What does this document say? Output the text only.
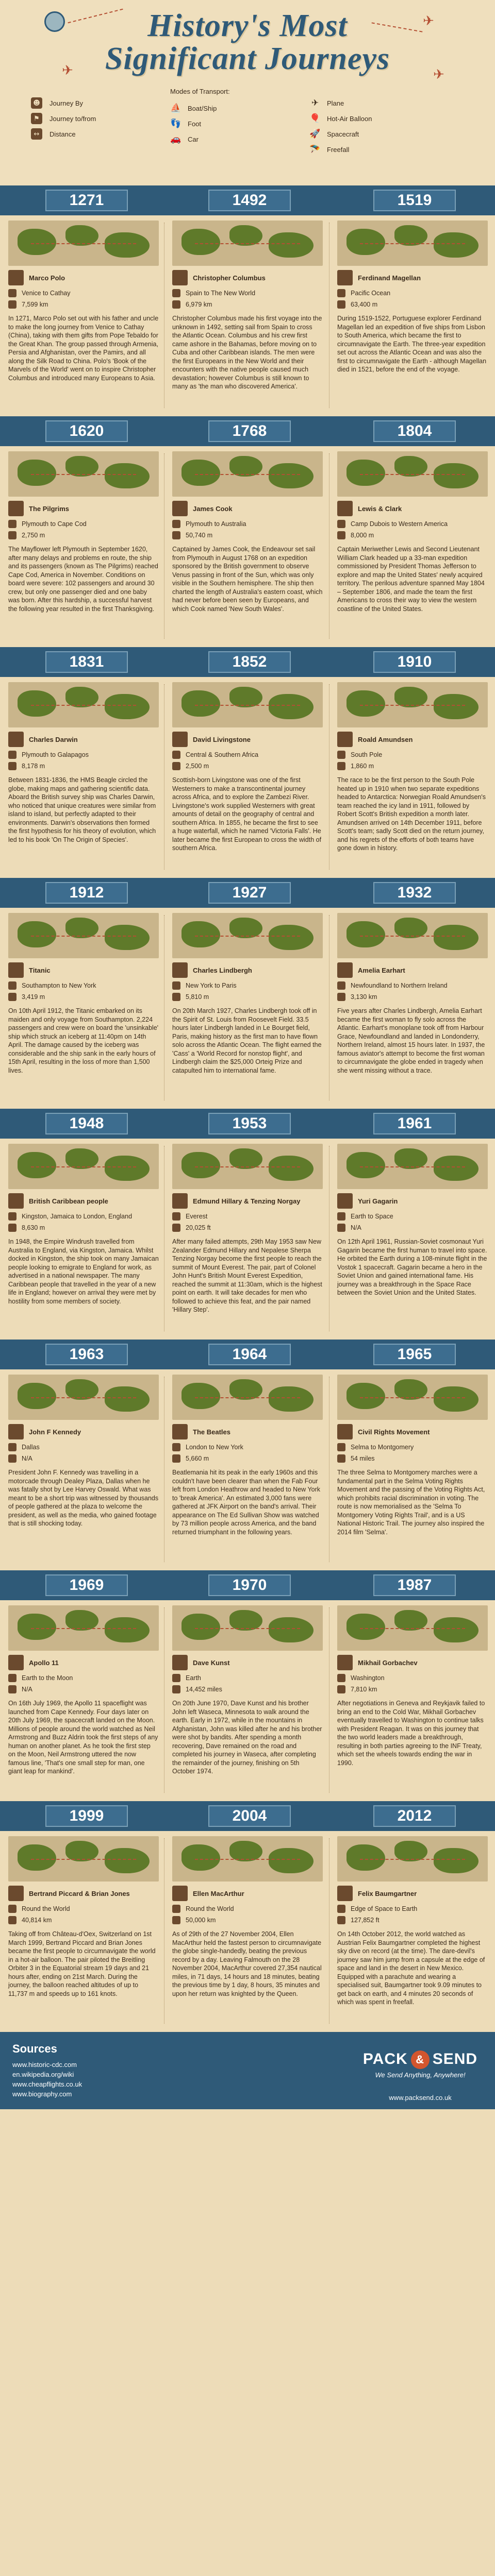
✈
✈	✈
History's Most
Significant Journeys
☻	Journey By
⚑	Journey to/from
↔	Distance
Modes of Transport:
⛵ Boat/Ship
👣 Foot
🚗 Car
✈ Plane
🎈 Hot-Air Balloon
🚀 Spacecraft
🪂 Freefall
1271	1492	1519
Marco Polo
Venice to Cathay
7,599 km
In 1271, Marco Polo set out with his father and uncle to make the long journey from Venice to Cathay (China), taking with them gifts from Pope Tebaldo for the Great Khan. The group passed through Armenia, Persia and Afghanistan, over the Pamirs, and all along the Silk Road to China. Polo's 'Book of the Marvels of the World' went on to inspire Christopher Columbus and introduced many Europeans to Asia.
Christopher Columbus
Spain to The New World
6,979 km
Christopher Columbus made his first voyage into the unknown in 1492, setting sail from Spain to cross the Atlantic Ocean. Columbus and his crew first came ashore in the Bahamas, before moving on to Cuba and other Caribbean islands. The men were the first Europeans in the New World and their encounters with the native people caused much devastation; however Columbus is still known to many as 'the man who discovered America'.
Ferdinand Magellan
Pacific Ocean
63,400 m
During 1519-1522, Portuguese explorer Ferdinand Magellan led an expedition of five ships from Lisbon to South America, which became the first to circumnavigate the Earth. The three-year expedition set out across the Atlantic Ocean and was also the first to circumnavigate the Earth - although Magellan died in 1521, before the end of the voyage.
1620	1768	1804
The Pilgrims
Plymouth to Cape Cod
2,750 m
The Mayflower left Plymouth in September 1620, after many delays and problems en route, the ship and its passengers (known as The Pilgrims) reached Cape Cod, America in November. Conditions on board were severe: 102 passengers and around 30 crew, but only one passenger died and one baby was born. After this hardship, a successful harvest the following year resulted in the first Thanksgiving.
James Cook
Plymouth to Australia
50,740 m
Captained by James Cook, the Endeavour set sail from Plymouth in August 1768 on an expedition sponsored by the British government to observe Venus passing in front of the Sun, which was only visible in the Southern hemisphere. The ship then charted the length of Australia's eastern coast, which had never before been seen by Europeans, and which Cook named 'New South Wales'.
Lewis & Clark
Camp Dubois to Western America
8,000 m
Captain Meriwether Lewis and Second Lieutenant William Clark headed up a 33-man expedition commissioned by President Thomas Jefferson to explore and map the United States' newly acquired territory. The perilous adventure spanned May 1804 – September 1806, and made the team the first Americans to cross their way to view the western coastline of the United States.
1831	1852	1910
Charles Darwin
Plymouth to Galapagos
8,178 m
Between 1831-1836, the HMS Beagle circled the globe, making maps and gathering scientific data. Aboard the British survey ship was Charles Darwin, who noticed that unique creatures were similar from island to island, but perfectly adapted to their environments. Darwin's observations then formed the first hypothesis for his theory of evolution, which led to his book 'On The Origin of Species'.
David Livingstone
Central & Southern Africa
2,500 m
Scottish-born Livingstone was one of the first Westerners to make a transcontinental journey across Africa, and to explore the Zambezi River. Livingstone's work supplied Westerners with great amounts of detail on the geography of central and southern Africa. In 1855, he became the first to see a huge waterfall, which he named 'Victoria Falls'. He later became the first European to cross the width of southern Africa.
Roald Amundsen
South Pole
1,860 m
The race to be the first person to the South Pole heated up in 1910 when two separate expeditions headed to Antarctica: Norwegian Roald Amundsen's team reached the icy land in 1911, followed by Robert Scott's British expedition a month later. Amundsen arrived on 14th December 1911, before Scott's team; sadly Scott died on the return journey, and his regrets of the efforts of both teams have gone down in history.
1912	1927	1932
Titanic
Southampton to New York
3,419 m
On 10th April 1912, the Titanic embarked on its maiden and only voyage from Southampton. 2,224 passengers and crew were on board the 'unsinkable' ship which struck an iceberg at 11:40pm on 14th April. The damage caused by the iceberg was considerable and the ship sank in the early hours of 15th April, resulting in the loss of more than 1,500 lives.
Charles Lindbergh
New York to Paris
5,810 m
On 20th March 1927, Charles Lindbergh took off in the Spirit of St. Louis from Roosevelt Field. 33.5 hours later Lindbergh landed in Le Bourget field, Paris, making history as the first man to have flown solo across the Atlantic Ocean. The flight earned the 'Cass' a 'World Record for nonstop flight', and Lindbergh claim the $25,000 Orteig Prize and catapulted him to international fame.
Amelia Earhart
Newfoundland to Northern Ireland
3,130 km
Five years after Charles Lindbergh, Amelia Earhart became the first woman to fly solo across the Atlantic. Earhart's monoplane took off from Harbour Grace, Newfoundland and landed in Londonderry, Northern Ireland, almost 15 hours later. In 1937, the famous aviator's attempt to become the first woman to circumnavigate the globe ended in tragedy when she went missing without a trace.
1948	1953	1961
British Caribbean people
Kingston, Jamaica to London, England
8,630 m
In 1948, the Empire Windrush travelled from Australia to England, via Kingston, Jamaica. Whilst docked in Kingston, the ship took on many Jamaican people looking to emigrate to England for work, as advertised in a national newspaper. The many Caribbean people that travelled in the year of a new life in England; however on arrival they were met by hostility from some members of society.
Edmund Hillary & Tenzing Norgay
Everest
20,025 ft
After many failed attempts, 29th May 1953 saw New Zealander Edmund Hillary and Nepalese Sherpa Tenzing Norgay become the first people to reach the summit of Mount Everest. The pair, part of Colonel John Hunt's British Mount Everest Expedition, reached the summit at 11:30am, which is the highest point on earth. It will take decades for men who followed to achieve this feat, and the pair named 'Hillary Step'.
Yuri Gagarin
Earth to Space
N/A
On 12th April 1961, Russian-Soviet cosmonaut Yuri Gagarin became the first human to travel into space. He orbited the Earth during a 108-minute flight in the Vostok 1 spacecraft. Gagarin became a hero in the Soviet Union and gained international fame. His journey was a breakthrough in the Space Race between the Soviet Union and the United States.
1963	1964	1965
John F Kennedy
Dallas
N/A
President John F. Kennedy was travelling in a motorcade through Dealey Plaza, Dallas when he was fatally shot by Lee Harvey Oswald. What was meant to be a short trip was witnessed by thousands of people gathered at the plaza to welcome the president, as well as the media, who gained footage that is still shocking today.
The Beatles
London to New York
5,660 m
Beatlemania hit its peak in the early 1960s and this couldn't have been clearer than when the Fab Four left from London Heathrow and headed to New York to 'break America'. An estimated 3,000 fans were gathered at JFK Airport on the band's arrival. Their appearance on The Ed Sullivan Show was watched by 73 million people across America, and the band returned triumphant in the following years.
Civil Rights Movement
Selma to Montgomery
54 miles
The three Selma to Montgomery marches were a fundamental part in the Selma Voting Rights Movement and the passing of the Voting Rights Act, which prohibits racial discrimination in voting. The route is now memorialised as the 'Selma To Montgomery Voting Rights Trail', and is a US National Historic Trail. The journey also inspired the 2014 film 'Selma'.
1969	1970	1987
Apollo 11
Earth to the Moon
N/A
On 16th July 1969, the Apollo 11 spaceflight was launched from Cape Kennedy. Four days later on 20th July 1969, the spacecraft landed on the Moon. Millions of people around the world watched as Neil Armstrong and Buzz Aldrin took the first steps of any human on another planet. As he took the first step on the Moon, Neil Armstrong uttered the now famous line, 'That's one small step for man, one giant leap for mankind'.
Dave Kunst
Earth
14,452 miles
On 20th June 1970, Dave Kunst and his brother John left Waseca, Minnesota to walk around the earth. Early in 1972, while in the mountains in Afghanistan, John was killed after he and his brother were shot by bandits. After spending a month recovering, Dave remained on the road and completed his journey in Waseca, after completing the remainder of the journey, finishing on 5th October 1974.
Mikhail Gorbachev
Washington
7,810 km
After negotiations in Geneva and Reykjavik failed to bring an end to the Cold War, Mikhail Gorbachev eventually travelled to Washington to continue talks with President Reagan. It was on this journey that the two world leaders made a breakthrough, resulting in both parties agreeing to the INF Treaty, which set the wheels towards ending the war in 1990.
1999	2004	2012
Bertrand Piccard & Brian Jones
Round the World
40,814 km
Taking off from Château-d'Oex, Switzerland on 1st March 1999, Bertrand Piccard and Brian Jones became the first people to circumnavigate the world in a hot-air balloon. The pair piloted the Breitling Orbiter 3 in the Equatorial stream 19 days and 21 hours after, ending on 21st March. During the journey, the balloon reached altitudes of up to 11,737 m and speeds up to 161 knots.
Ellen MacArthur
Round the World
50,000 km
As of 29th of the 27 November 2004, Ellen MacArthur held the fastest person to circumnavigate the globe single-handedly, beating the previous record by a day. Leaving Falmouth on the 28 November 2004, MacArthur covered 27,354 nautical miles, in 71 days, 14 hours and 18 minutes, beating the previous time by 1 day, 8 hours, 35 minutes and upon her return was knighted by the Queen.
Felix Baumgartner
Edge of Space to Earth
127,852 ft
On 14th October 2012, the world watched as Austrian Felix Baumgartner completed the highest sky dive on record (at the time). The dare-devil's journey saw him jump from a capsule at the edge of space and land in the desert in New Mexico. Equipped with a parachute and wearing a specialised suit, Baumgartner took 9.09 minutes to get back on earth, and 4 minutes 20 seconds of which was spent in freefall.
Sources
www.historic-cdc.com
en.wikipedia.org/wiki
www.cheapflights.co.uk
www.biography.com
PACK & SEND
We Send Anything, Anywhere!
www.packsend.co.uk
